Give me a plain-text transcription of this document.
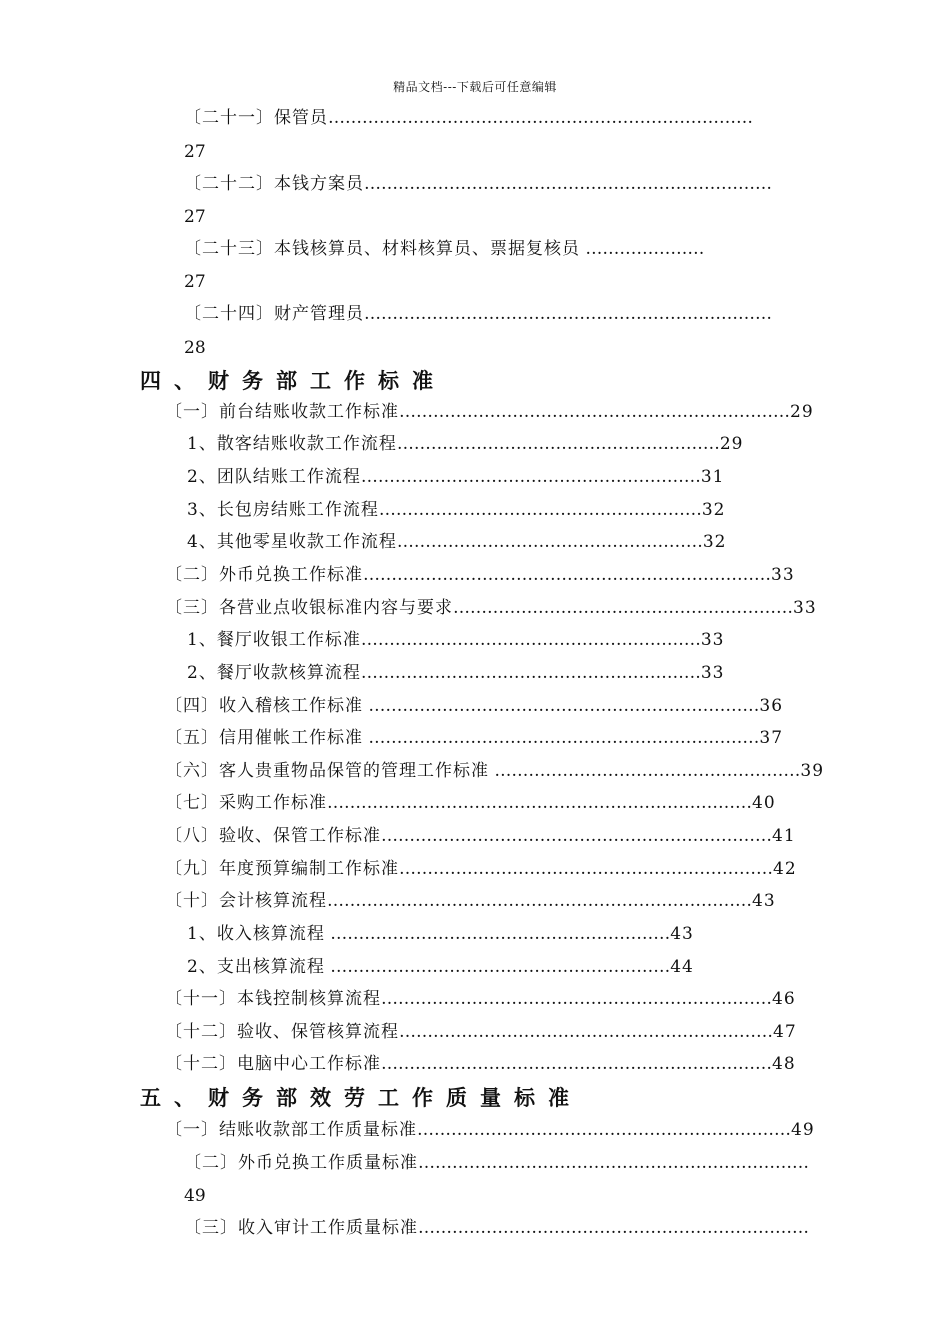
精品文档---下载后可任意编辑
〔二十一〕保管员…………………………………………………………………
27
〔二十二〕本钱方案员………………………………………………………………
27
〔二十三〕本钱核算员、材料核算员、票据复核员 …………………
27
〔二十四〕财产管理员………………………………………………………………
28
四、财务部工作标准
〔一〕前台结账收款工作标准……………………………………………………………29
1、散客结账收款工作流程…………………………………………………29
2、团队结账工作流程……………………………………………………31
3、长包房结账工作流程…………………………………………………32
4、其他零星收款工作流程………………………………………………32
〔二〕外币兑换工作标准………………………………………………………………33
〔三〕各营业点收银标准内容与要求……………………………………………………33
1、餐厅收银工作标准……………………………………………………33
2、餐厅收款核算流程……………………………………………………33
〔四〕收入稽核工作标准 ……………………………………………………………36
〔五〕信用催帐工作标准 ……………………………………………………………37
〔六〕客人贵重物品保管的管理工作标准 ………………………………………………39
〔七〕采购工作标准…………………………………………………………………40
〔八〕验收、保管工作标准……………………………………………………………41
〔九〕年度预算编制工作标准…………………………………………………………42
〔十〕会计核算流程…………………………………………………………………43
1、收入核算流程 ……………………………………………………43
2、支出核算流程 ……………………………………………………44
〔十一〕本钱控制核算流程……………………………………………………………46
〔十二〕验收、保管核算流程…………………………………………………………47
〔十二〕电脑中心工作标准……………………………………………………………48
五、财务部效劳工作质量标准
〔一〕结账收款部工作质量标准…………………………………………………………49
〔二〕外币兑换工作质量标准……………………………………………………………
49
〔三〕收入审计工作质量标准……………………………………………………………
